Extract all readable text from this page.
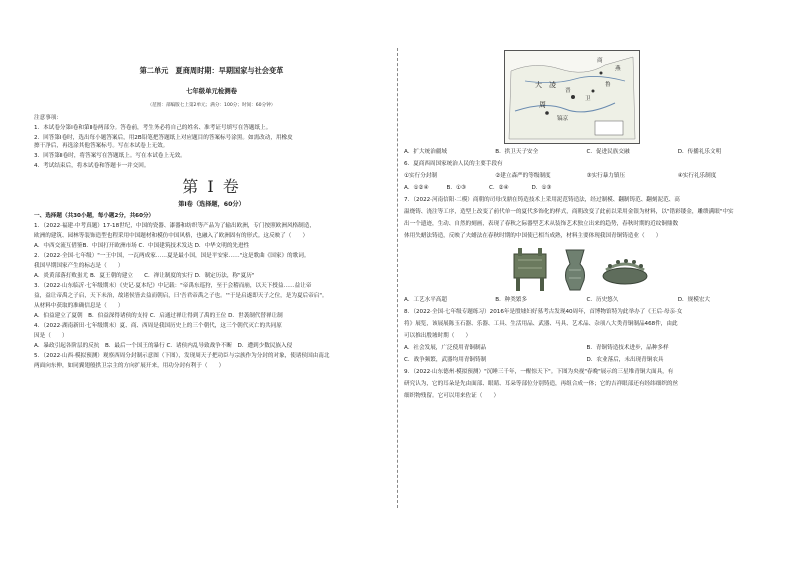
第二单元　夏商周时期：早期国家与社会变革
七年级单元检测卷
（范围：部编版七上第2单元；满分：100分；时间：60分钟）
注意事项：
1．本试卷分第Ⅰ卷和第Ⅱ卷两部分。答卷前，考生务必将自己的姓名、准考证号填写在答题纸上。
2．回答第Ⅰ卷时，选出每小题答案后，用2B铅笔把答题纸上对应题目的答案标号涂黑。如需改动，用橡皮
擦干净后，再选涂其他答案标号。写在本试卷上无效。
3．回答第Ⅱ卷时，将答案写在答题纸上。写在本试卷上无效。
4．考试结束后，将本试卷和答题卡一并交回。
第 Ⅰ 卷
第Ⅰ卷（选择题，60分）
一、选择题（共30小题，每小题2分，共60分）
1．（2022·福建·中考真题）17-18世纪，中国的瓷器、漆器和纺织等产品为了输出欧洲，专门按照欧洲风格制造，
欧洲的建筑、园林等装饰造型也程采用中国题材和模仿中国风格，也融入了欧洲固有的形式。这反映了（　　）
A．中西交流互借鉴B．中国打开欧洲市场 C．中国建筑技术发达 D．中华文明的先进性
2．（2022·全国·七年级）"一王中国，一瓦两成家……夏是最小国，国是平安家……"这是歌曲《国家》的歌词。
我国早期国家产生的标志是（　　）
A．炎黄部落打败蚩尤 B．夏王朝的建立　　C．禅让制度的实行 D．制定历法，称"夏历"
3．（2022·山东临沂·七年级期末）《史记·夏本纪》中记载："帝禹东巡狩，至于会稽而崩，以天下授益……益让帝
益，益让帝禹之子启，天下未治，故诸侯皆去益而朝启，曰'吾君帝禹之子也。'"于是启遂即天子之位，是为夏后帝启"。
从材料中获取的准确信息是（　　）
A．伯益建立了夏朝　B．伯益深得诸侯的支持 C．启通过禅让得到了禹的王位 D．世袭制代替禅让制
4．（2022·湖南新田·七年级期末）夏、商、西周是我国历史上的三个朝代，这三个朝代灭亡的共同原
因是（　　）
A．暴政引起各阶层的反抗　B．最后一个国王的暴行 C．诸侯内乱导致战争不断　D．遭到少数民族入侵
5．（2022·山西·模拟预测）观察西周分封制示意图（下图），发现周天子把功臣与宗族作为分封的对象，使诸侯国由南北
两面向东伸，如同翼翅般拱卫宗主的方向扩展开来，用功分封有利于（　　）
大　凌
商
鲁
燕
卫
周
镐京
晋
A．扩大统治疆域	B．拱卫天子安全	C．促进民族交融	D．传播礼乐文明
6．夏商西周国家统治人民的主要手段有
①实行分封制	②建立森严的等级制度	③实行暴力镇压	④实行礼乐制度
A．①②④	B．①③	C．②④	D．①③
7．（2022·河南信阳·二模）商朝的司母戊鼎在铸造技术上采用泥范铸造法，经过制模、翻制铸范、翻刻泥范、高
温烧铸、浇注等工序，造型上改变了前代单一的夏代多饰化的样式，商朝改变了此前以采用金银为材料，以"错彩镂金，雕缋满眼"中实
出一个遗迹，生动、自然的刻画，表现了春秋之际器型艺术从装饰艺术独立出来的趋势，春秋时期的近纹铜鼎数
体用失蜡法铸造，反映了夫蜡法在春秋时期的中国使已相当成熟，材料主要体现我国青铜铸造业（　　）
A．工艺水平高超	B．种类繁多	C．历史悠久	D．规模宏大
8．（2022·全国·七年级专题练习）2016年是殷墟妇好墓考古发现40周年，首博物馆特为此举办了《王后·母亲·女
将》展览，该展展陈玉石器、乐器、工具、生活用品、武器、马具、艺术品、杂项八大类青铜制品468件，由此
可以推出殷墟时期（　　）
A．社会发展，广泛使用青铜制品	B．青铜铸造技术进步，品种多样
C．战争频繁，武器均用青铜铸制	D．农业落后，未出现青铜农具
9．（2022·山东德州·模拟预测）"沉睡三千年，一醒惊天下"。下图为央视"春晚"展示的三星堆青铜大面具，有
研究认为，它的耳朵是先由面部、眼睛、耳朵等部位分别铸造，再组合成一体；它的吉祥眼部还有经纬细织的丝
细织物残留。它可以用来佐证（　　）
